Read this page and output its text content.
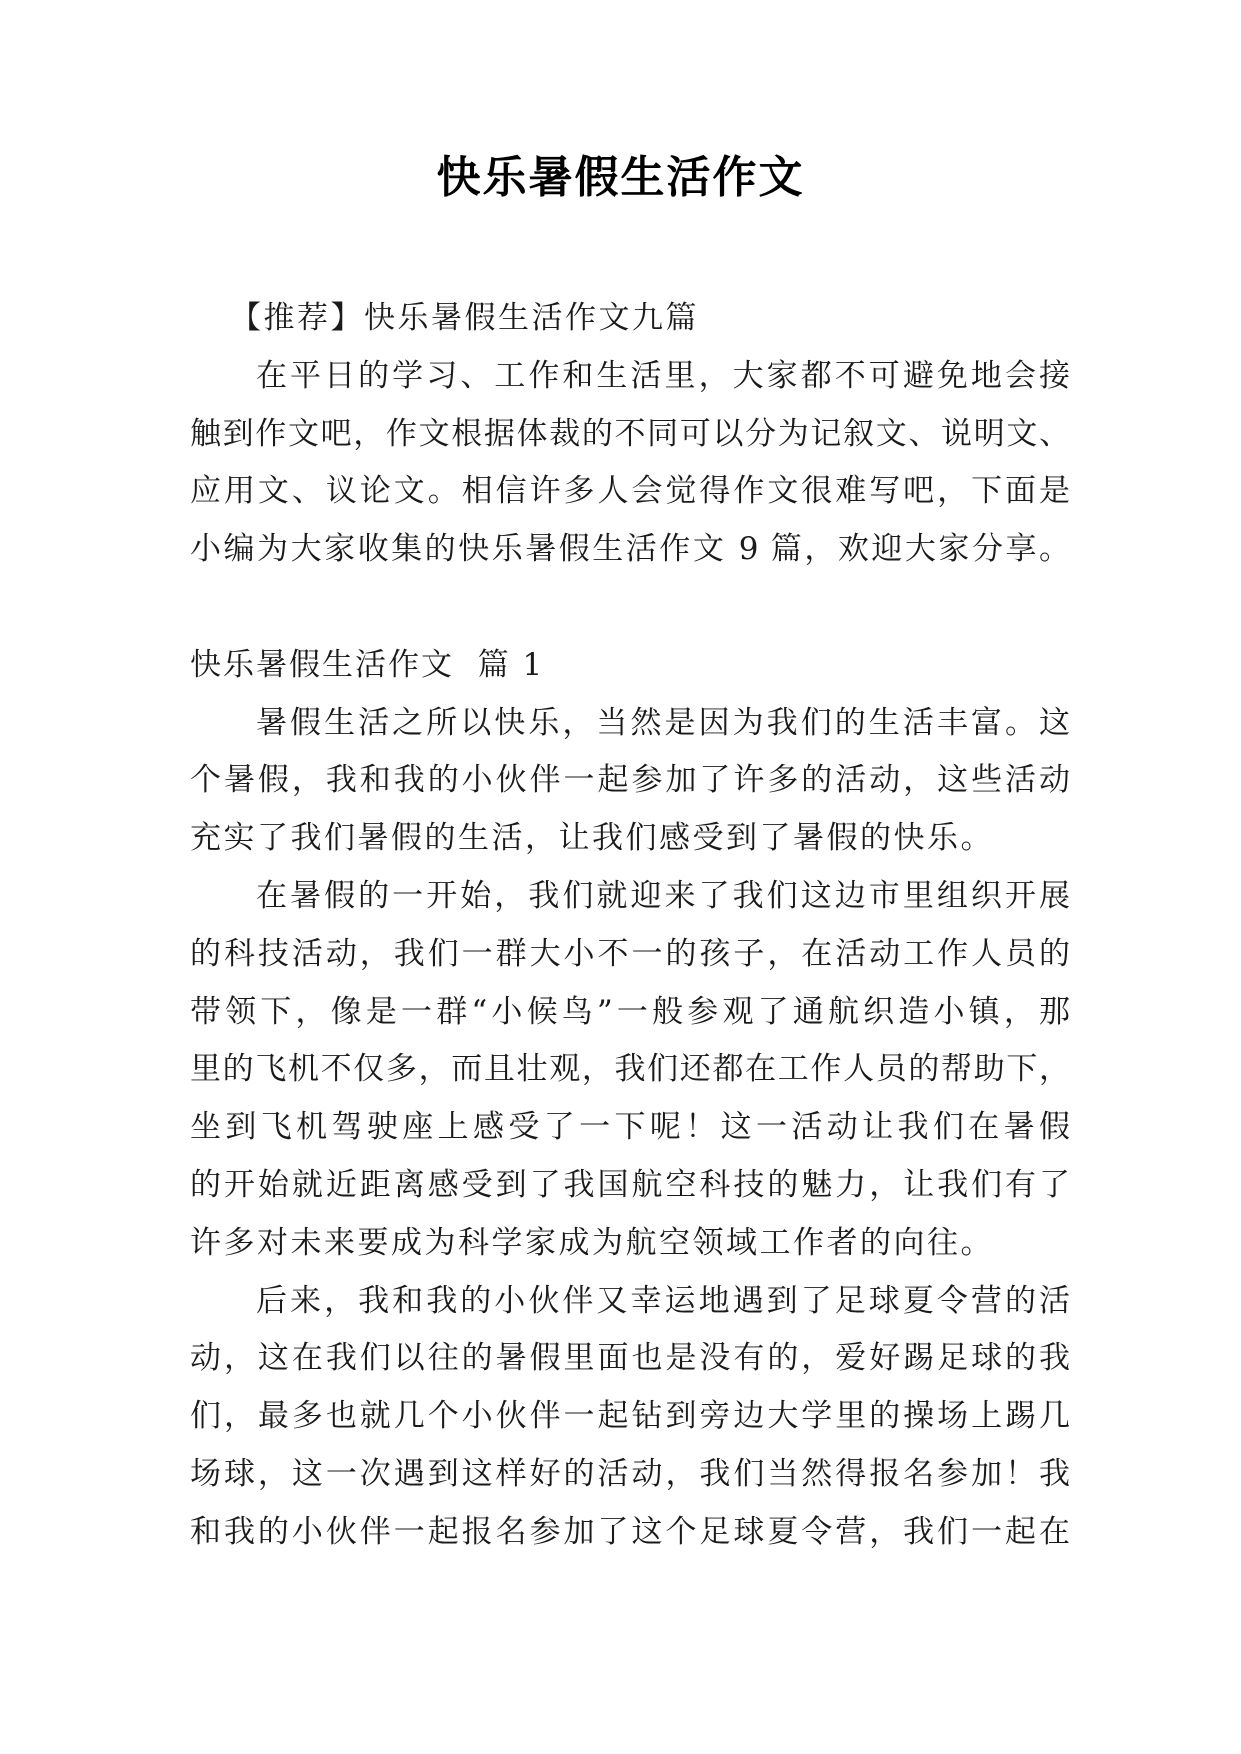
快乐暑假生活作文
【推荐】快乐暑假生活作文九篇
在平日的学习、工作和生活里，大家都不可避免地会接
触到作文吧，作文根据体裁的不同可以分为记叙文、说明文、
应用文、议论文。相信许多人会觉得作文很难写吧，下面是
小编为大家收集的快乐暑假生活作文 9 篇，欢迎大家分享。
快乐暑假生活作文  篇 1
暑假生活之所以快乐，当然是因为我们的生活丰富。这
个暑假，我和我的小伙伴一起参加了许多的活动，这些活动
充实了我们暑假的生活，让我们感受到了暑假的快乐。
在暑假的一开始，我们就迎来了我们这边市里组织开展
的科技活动，我们一群大小不一的孩子，在活动工作人员的
带领下，像是一群“小候鸟”一般参观了通航织造小镇，那
里的飞机不仅多，而且壮观，我们还都在工作人员的帮助下，
坐到飞机驾驶座上感受了一下呢！这一活动让我们在暑假
的开始就近距离感受到了我国航空科技的魅力，让我们有了
许多对未来要成为科学家成为航空领域工作者的向往。
后来，我和我的小伙伴又幸运地遇到了足球夏令营的活
动，这在我们以往的暑假里面也是没有的，爱好踢足球的我
们，最多也就几个小伙伴一起钻到旁边大学里的操场上踢几
场球，这一次遇到这样好的活动，我们当然得报名参加！我
和我的小伙伴一起报名参加了这个足球夏令营，我们一起在
